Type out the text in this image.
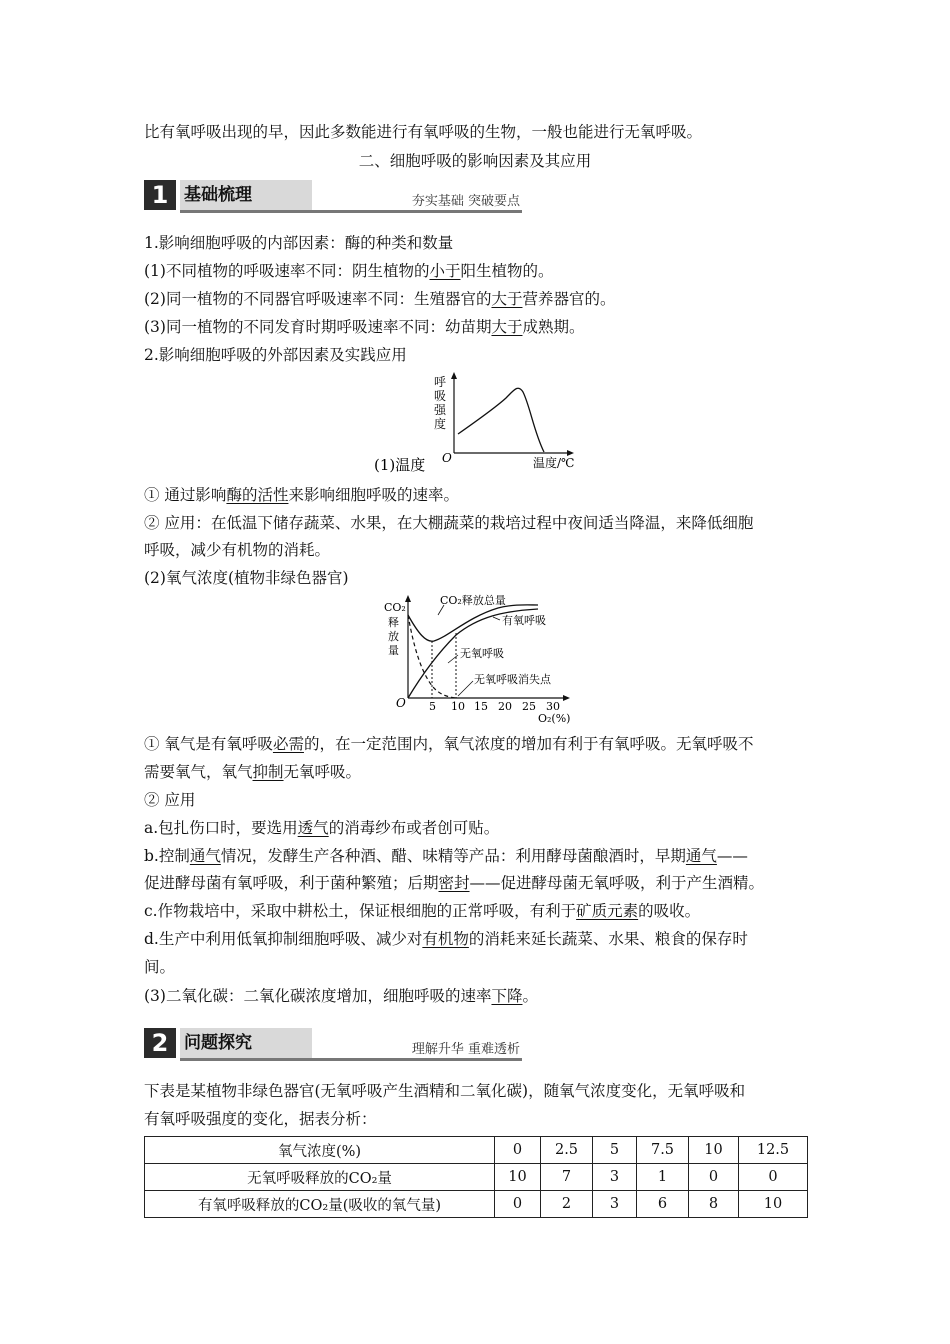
比有氧呼吸出现的早，因此多数能进行有氧呼吸的生物，一般也能进行无氧呼吸。
二、细胞呼吸的影响因素及其应用
1 基础梳理	夯实基础 突破要点
1.影响细胞呼吸的内部因素：酶的种类和数量
(1)不同植物的呼吸速率不同：阴生植物的小于阳生植物的。
(2)同一植物的不同器官呼吸速率不同：生殖器官的大于营养器官的。
(3)同一植物的不同发育时期呼吸速率不同：幼苗期大于成熟期。
2.影响细胞呼吸的外部因素及实践应用
呼
吸
强
度
O	温度/℃
(1)温度
① 通过影响酶的活性来影响细胞呼吸的速率。
② 应用：在低温下储存蔬菜、水果，在大棚蔬菜的栽培过程中夜间适当降温，来降低细胞
呼吸，减少有机物的消耗。
(2)氧气浓度(植物非绿色器官)
CO₂
释
放
量
O 5 10 15 20 25 30
O₂(%)
CO₂释放总量
有氧呼吸
无氧呼吸
无氧呼吸消失点
① 氧气是有氧呼吸必需的，在一定范围内，氧气浓度的增加有利于有氧呼吸。无氧呼吸不
需要氧气，氧气抑制无氧呼吸。
② 应用
a.包扎伤口时，要选用透气的消毒纱布或者创可贴。
b.控制通气情况，发酵生产各种酒、醋、味精等产品：利用酵母菌酿酒时，早期通气——
促进酵母菌有氧呼吸，利于菌种繁殖；后期密封——促进酵母菌无氧呼吸，利于产生酒精。
c.作物栽培中，采取中耕松土，保证根细胞的正常呼吸，有利于矿质元素的吸收。
d.生产中利用低氧抑制细胞呼吸、减少对有机物的消耗来延长蔬菜、水果、粮食的保存时
间。
(3)二氧化碳：二氧化碳浓度增加，细胞呼吸的速率下降。
2 问题探究	理解升华 重难透析
下表是某植物非绿色器官(无氧呼吸产生酒精和二氧化碳)，随氧气浓度变化，无氧呼吸和
有氧呼吸强度的变化，据表分析：
氧气浓度(%)	0	2.5	5	7.5	10	12.5
无氧呼吸释放的CO₂量	10	7	3	1	0	0
有氧呼吸释放的CO₂量(吸收的氧气量)	0	2	3	6	8	10
